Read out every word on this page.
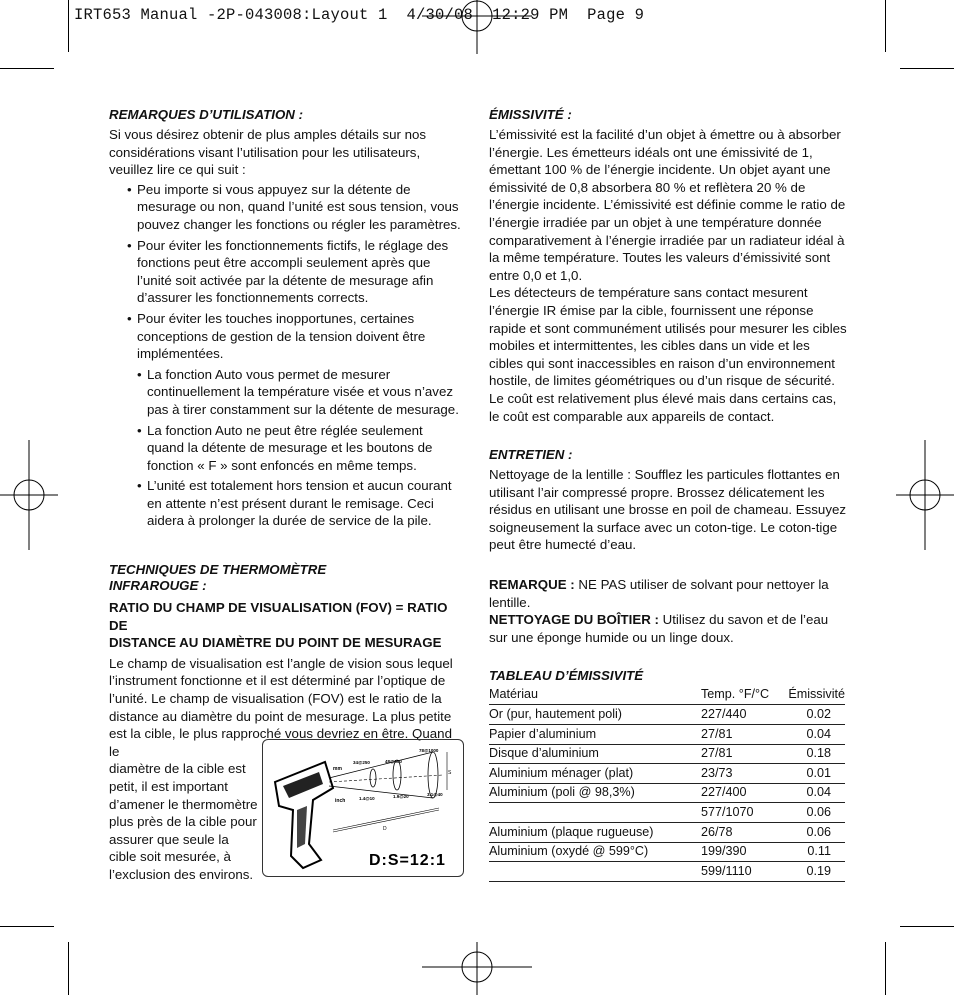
IRT653 Manual -2P-043008:Layout 1  4/30/08  12:29 PM  Page 9

REMARQUES D’UTILISATION :

Si vous désirez obtenir de plus amples détails sur nos considérations visant l’utilisation pour les utilisateurs, veuillez lire ce qui suit :

• Peu importe si vous appuyez sur la détente de mesurage ou non, quand l’unité est sous tension, vous pouvez changer les fonctions ou régler les paramètres.
• Pour éviter les fonctionnements fictifs, le réglage des fonctions peut être accompli seulement après que l’unité soit activée par la détente de mesurage afin d’assurer les fonctionnements corrects.
• Pour éviter les touches inopportunes, certaines conceptions de gestion de la tension doivent être implémentées.
• La fonction Auto vous permet de mesurer continuellement la température visée et vous n’avez pas à tirer constamment sur la détente de mesurage.
• La fonction Auto ne peut être réglée seulement quand la détente de mesurage et les boutons de fonction « F » sont enfoncés en même temps.
• L’unité est totalement hors tension et aucun courant en attente n’est présent durant le remisage. Ceci aidera à prolonger la durée de service de la pile.

TECHNIQUES DE THERMOMÈTRE
INFRAROUGE :

RATIO DU CHAMP DE VISUALISATION (FOV) = RATIO DE
DISTANCE AU DIAMÈTRE DU POINT DE MESURAGE

Le champ de visualisation est l’angle de vision sous lequel l’instrument fonctionne et il est déterminé par l’optique de l’unité. Le champ de visualisation (FOV) est le ratio de la distance au diamètre du point de mesurage. La plus petite est la cible, le plus rapproché vous devriez en être. Quand le

diamètre de la cible est petit, il est important d’amener le thermomètre plus près de la cible pour assurer que seule la cible soit mesurée, à l’exclusion des environs.

S
D
mm
inch
34@250	48@500
78@1000
1.4@10	1.9@20	3.1@40
D:S=12:1

ÉMISSIVITÉ :

L’émissivité est la facilité d’un objet à émettre ou à absorber l’énergie. Les émetteurs idéals ont une émissivité de 1, émettant 100 % de l’énergie incidente. Un objet ayant une émissivité de 0,8 absorbera 80 % et reflètera 20 % de l’énergie incidente. L’émissivité est définie comme le ratio de l’énergie irradiée par un objet à une température donnée comparativement à l’énergie irradiée par un radiateur idéal à la même température. Toutes les valeurs d’émissivité sont entre 0,0 et 1,0.

Les détecteurs de température sans contact mesurent l’énergie IR émise par la cible, fournissent une réponse rapide et sont communément utilisés pour mesurer les cibles mobiles et intermittentes, les cibles dans un vide et les cibles qui sont inaccessibles en raison d’un environnement hostile, de limites géométriques ou d’un risque de sécurité. Le coût est relativement plus élevé mais dans certains cas, le coût est comparable aux appareils de contact.

ENTRETIEN :

Nettoyage de la lentille : Soufflez les particules flottantes en utilisant l’air compressé propre. Brossez délicatement les résidus en utilisant une brosse en poil de chameau. Essuyez soigneusement la surface avec un coton-tige. Le coton-tige peut être humecté d’eau.

REMARQUE : NE PAS utiliser de solvant pour nettoyer la lentille.

NETTOYAGE DU BOÎTIER : Utilisez du savon et de l’eau sur une éponge humide ou un linge doux.

TABLEAU D’ÉMISSIVITÉ

Matériau	Temp. °F/°C	Émissivité
Or (pur, hautement poli)	227/440	0.02
Papier d’aluminium	27/81	0.04
Disque d’aluminium	27/81	0.18
Aluminium ménager (plat)	23/73	0.01
Aluminium (poli @ 98,3%)	227/400	0.04
	577/1070	0.06
Aluminium (plaque rugueuse)	26/78	0.06
Aluminium (oxydé @ 599°C)	199/390	0.11
	599/1110	0.19
